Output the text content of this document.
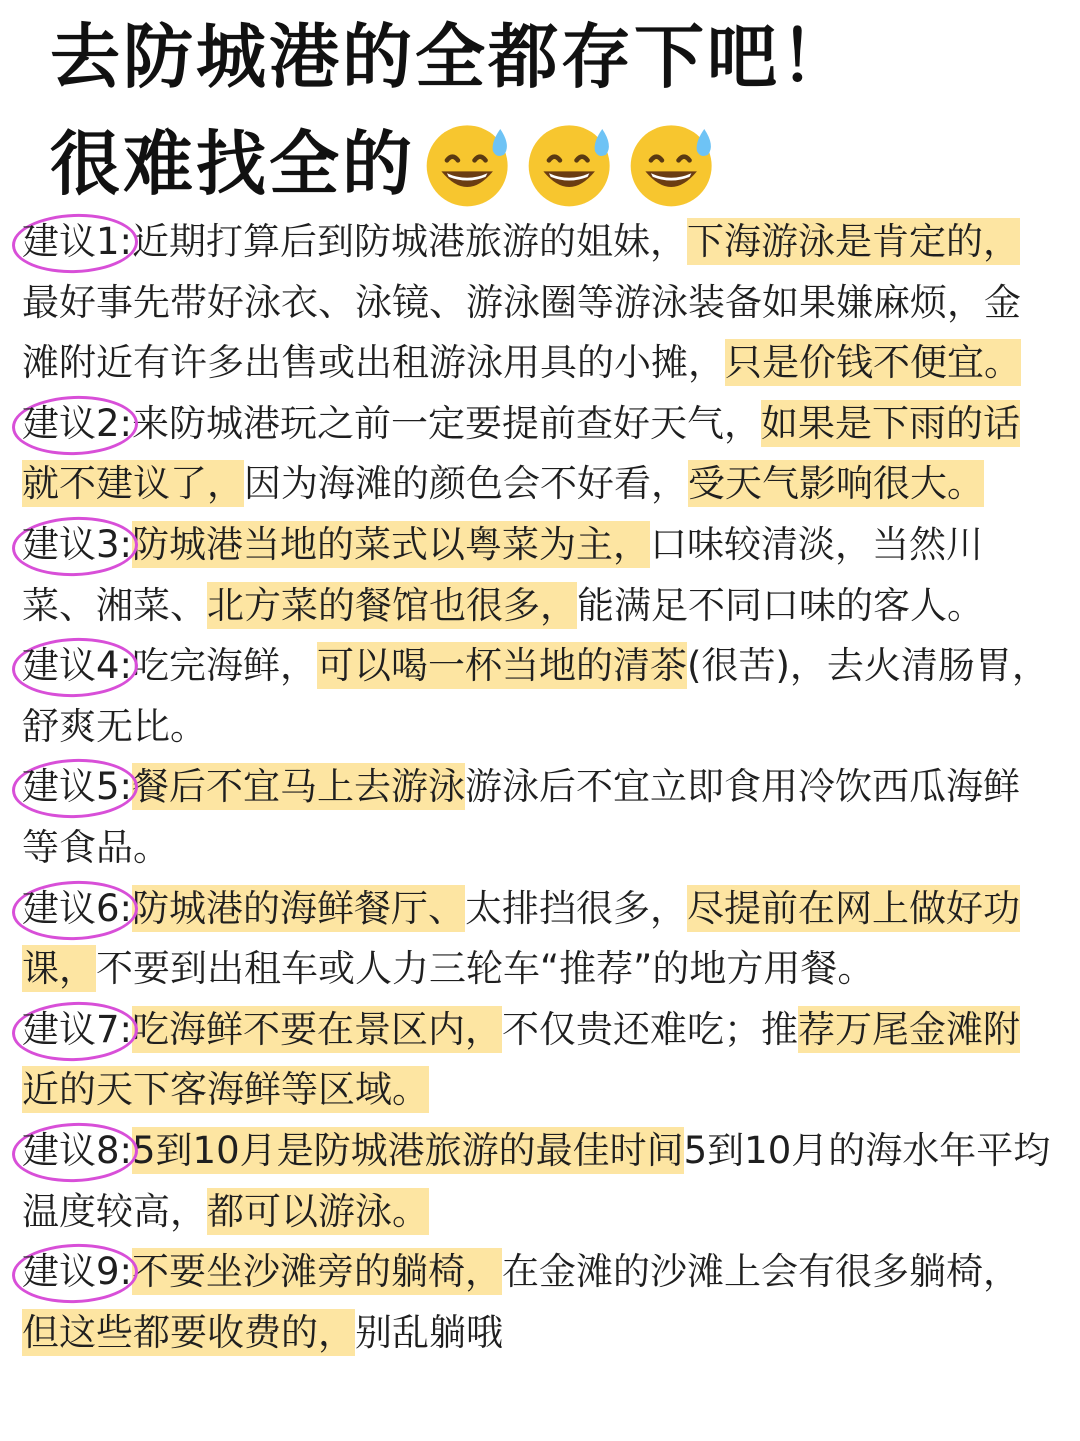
去防城港的全都存下吧！
很难找全的

建议1:近期打算后到防城港旅游的姐妹，下海游泳是肯定的，最好事先带好泳衣、泳镜、游泳圈等游泳装备如果嫌麻烦，金滩附近有许多出售或出租游泳用具的小摊，只是价钱不便宜。

建议2:来防城港玩之前一定要提前查好天气，如果是下雨的话就不建议了，因为海滩的颜色会不好看，受天气影响很大。

建议3:防城港当地的菜式以粤菜为主，口味较清淡，当然川菜、湘菜、北方菜的餐馆也很多，能满足不同口味的客人。

建议4:吃完海鲜，可以喝一杯当地的清茶(很苦)，去火清肠胃，舒爽无比。

建议5:餐后不宜马上去游泳游泳后不宜立即食用冷饮西瓜海鲜等食品。

建议6:防城港的海鲜餐厅、太排挡很多，尽提前在网上做好功课，不要到出租车或人力三轮车“推荐”的地方用餐。

建议7:吃海鲜不要在景区内，不仅贵还难吃；推荐万尾金滩附近的天下客海鲜等区域。

建议8:5到10月是防城港旅游的最佳时间5到10月的海水年平均温度较高，都可以游泳。

建议9:不要坐沙滩旁的躺椅，在金滩的沙滩上会有很多躺椅，但这些都要收费的，别乱躺哦
